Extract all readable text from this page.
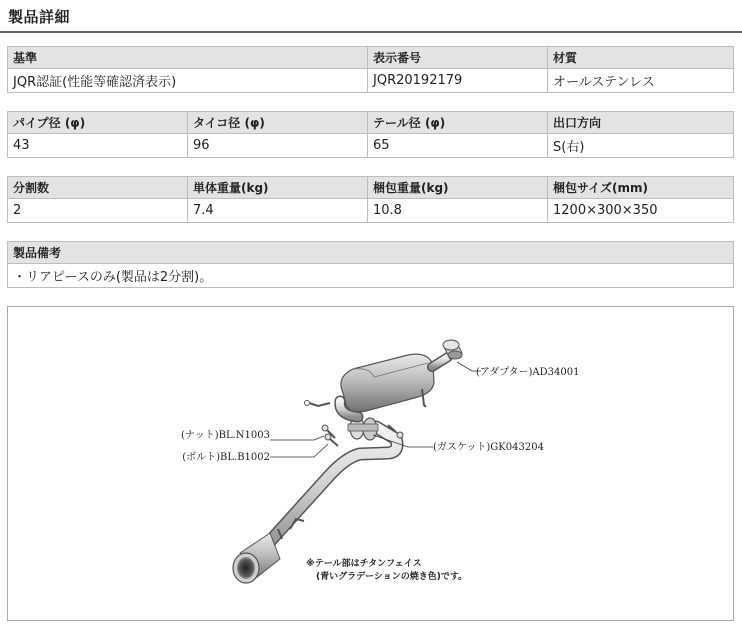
製品詳細
基準	表示番号	材質
JQR認証(性能等確認済表示)	JQR20192179	オールステンレス
パイプ径 (φ)	タイコ径 (φ)	テール径 (φ)	出口方向
43	96	65	S(右)
分割数	単体重量(kg)	梱包重量(kg)	梱包サイズ(mm)
2	7.4	10.8	1200×300×350
製品備考
・リアピースのみ(製品は2分割)。
(アダプター)AD34001
(ナット)BL.N1003
(ガスケット)GK043204
(ボルト)BL.B1002
※テール部はチタンフェイス
(青いグラデーションの焼き色)です。
